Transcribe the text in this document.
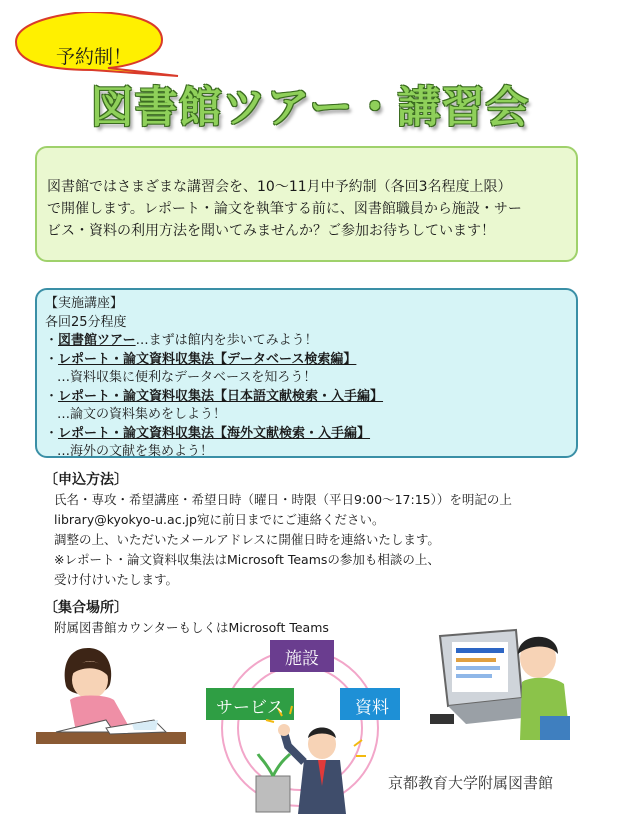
予約制！
図書館ツアー・講習会
図書館ではさまざまな講習会を、10～11月中予約制（各回3名程度上限）
で開催します。レポート・論文を執筆する前に、図書館職員から施設・サー
ビス・資料の利用方法を聞いてみませんか？ご参加お待ちしています！
【実施講座】
各回25分程度
・図書館ツアー…まずは館内を歩いてみよう！
・レポート・論文資料収集法【データベース検索編】
…資料収集に便利なデータベースを知ろう！
・レポート・論文資料収集法【日本語文献検索・入手編】
…論文の資料集めをしよう！
・レポート・論文資料収集法【海外文献検索・入手編】
…海外の文献を集めよう！
〔申込方法〕
氏名・専攻・希望講座・希望日時（曜日・時限（平日9:00～17:15））を明記の上
library@kyokyo-u.ac.jp宛に前日までにご連絡ください。
調整の上、いただいたメールアドレスに開催日時を連絡いたします。
※レポート・論文資料収集法はMicrosoft Teamsの参加も相談の上、
受け付けいたします。
〔集合場所〕
附属図書館カウンターもしくはMicrosoft Teams
施設
サービス	資料
京都教育大学附属図書館
